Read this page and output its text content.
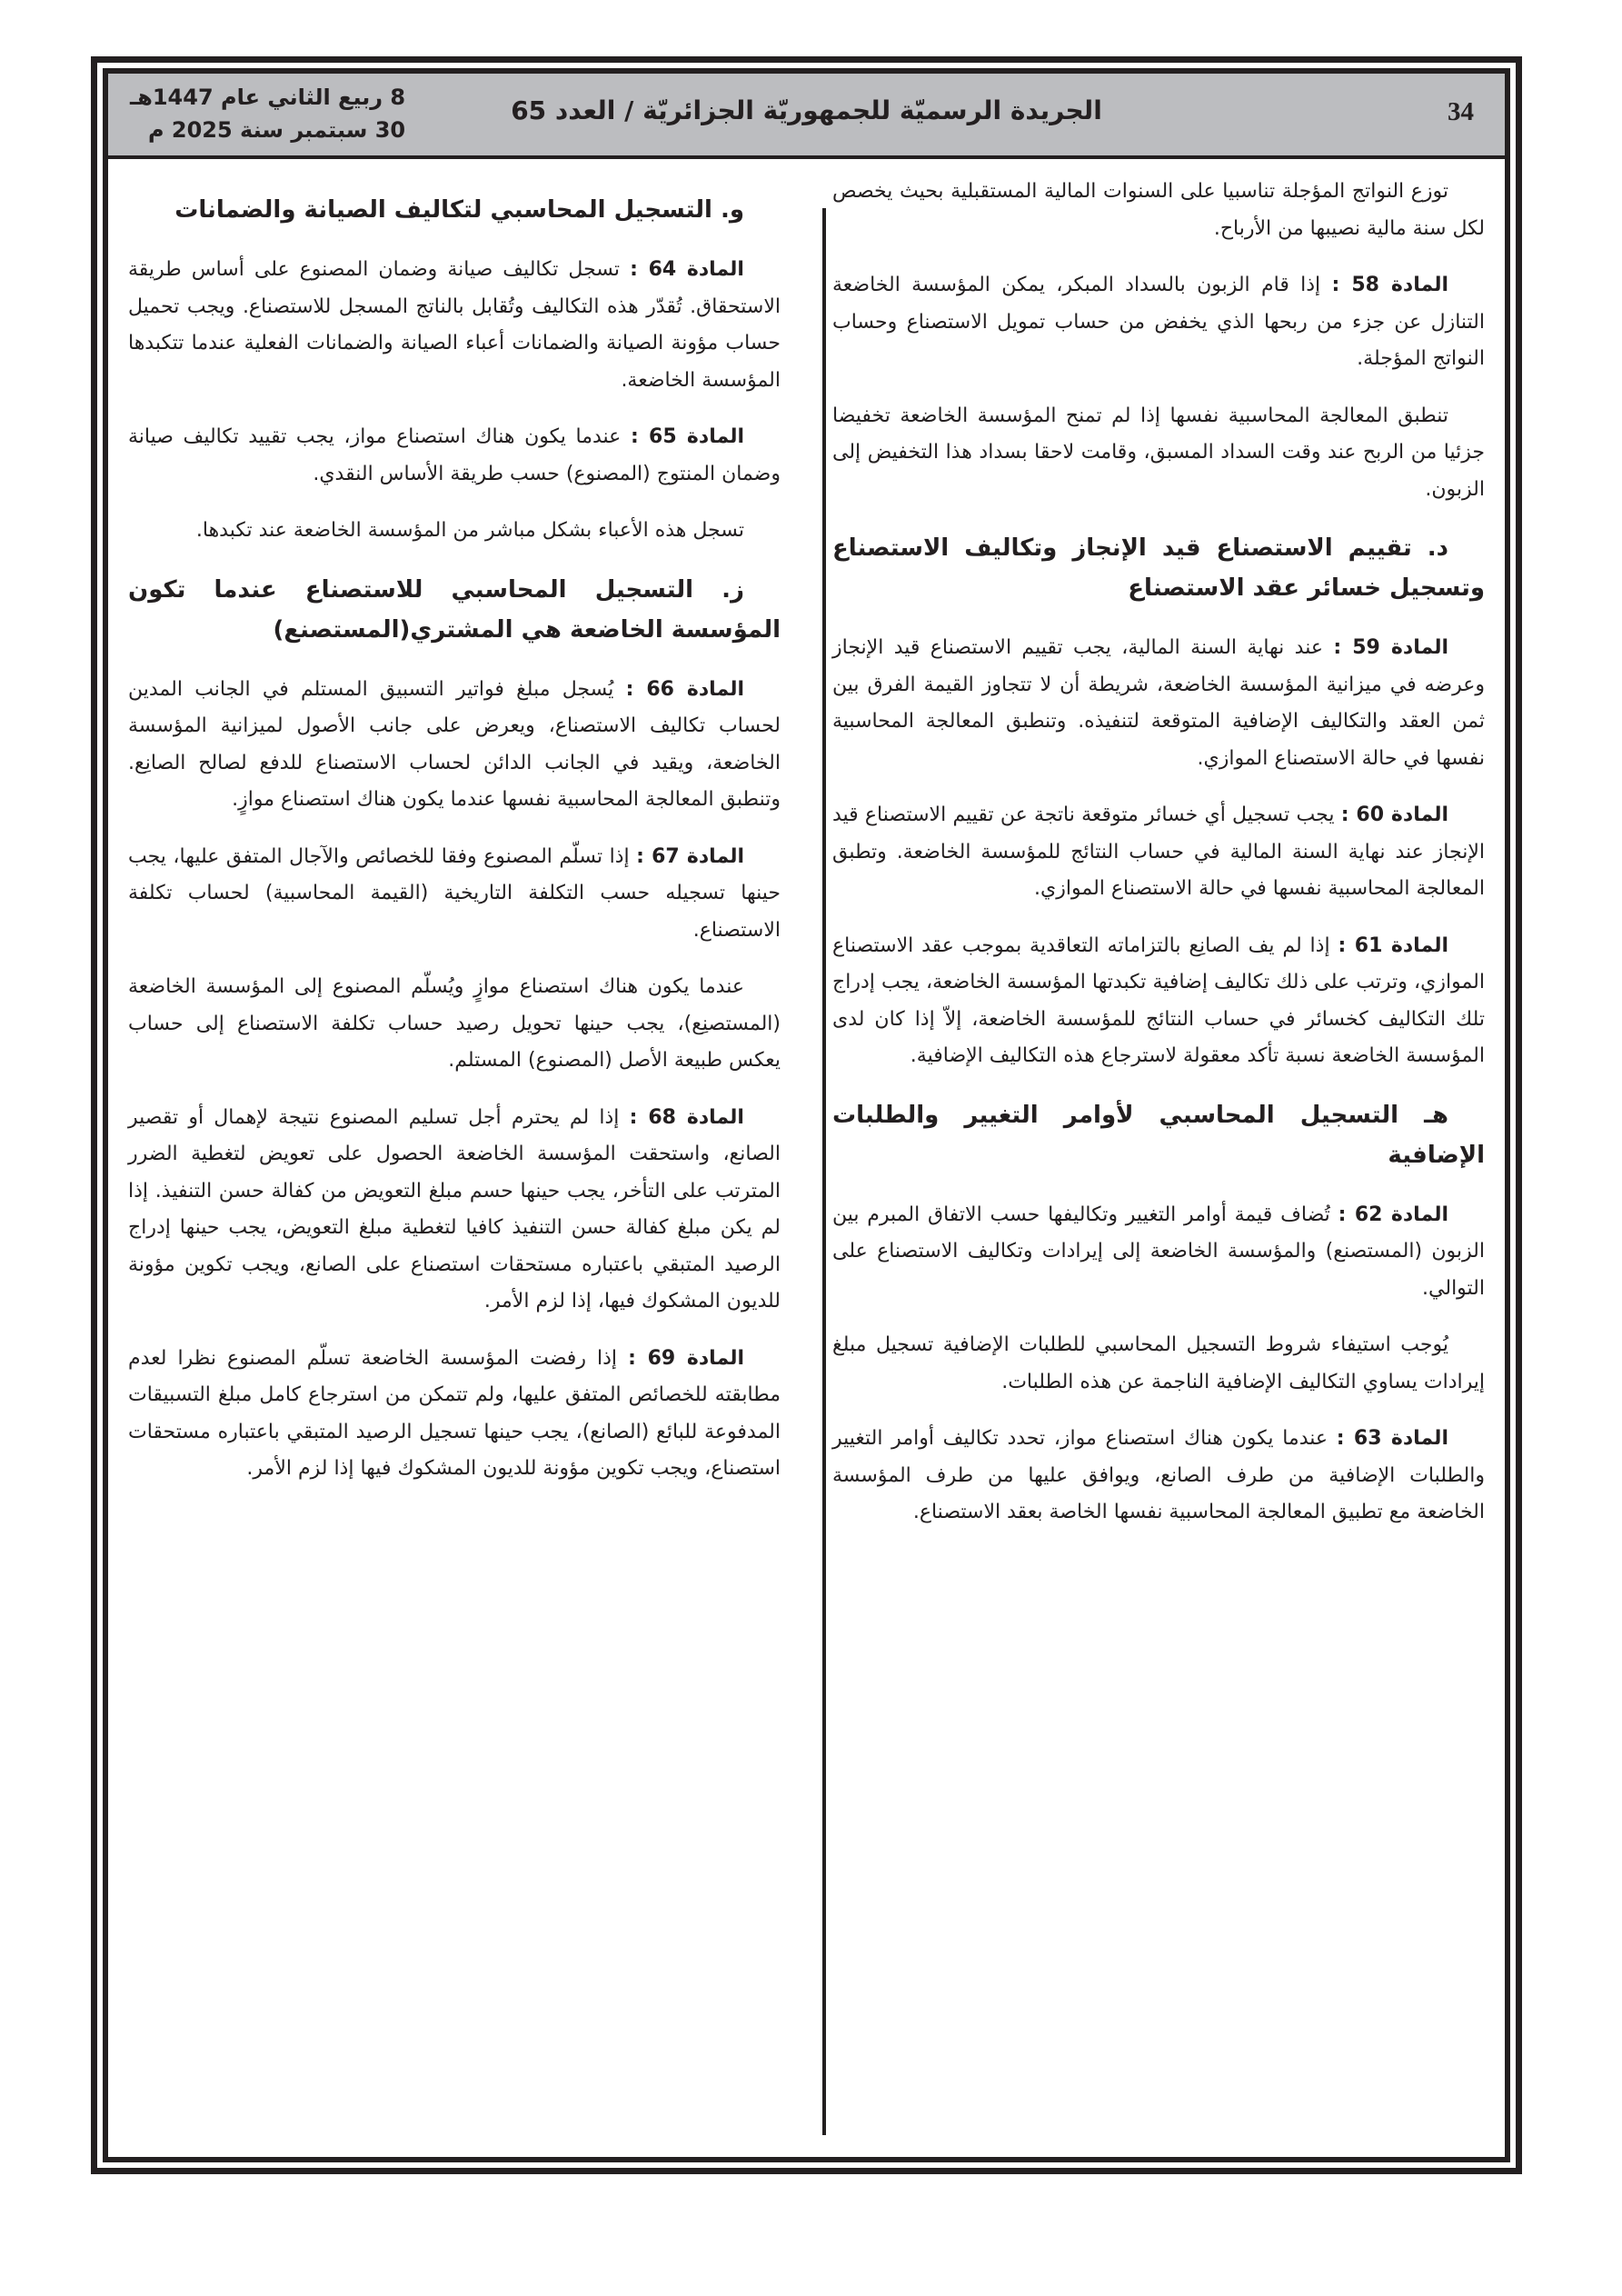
34
الجريدة الرسميّة للجمهوريّة الجزائريّة / العدد 65
8 ربيع الثاني عام 1447هـ
30 سبتمبر سنة 2025 م

توزع النواتج المؤجلة تناسبيا على السنوات المالية المستقبلية بحيث يخصص لكل سنة مالية نصيبها من الأرباح.

المادة 58 : إذا قام الزبون بالسداد المبكر، يمكن المؤسسة الخاضعة التنازل عن جزء من ربحها الذي يخفض من حساب تمويل الاستصناع وحساب النواتج المؤجلة.

تنطبق المعالجة المحاسبية نفسها إذا لم تمنح المؤسسة الخاضعة تخفيضا جزئيا من الربح عند وقت السداد المسبق، وقامت لاحقا بسداد هذا التخفيض إلى الزبون.

د. تقييم الاستصناع قيد الإنجاز وتكاليف الاستصناع وتسجيل خسائر عقد الاستصناع

المادة 59 : عند نهاية السنة المالية، يجب تقييم الاستصناع قيد الإنجاز وعرضه في ميزانية المؤسسة الخاضعة، شريطة أن لا تتجاوز القيمة الفرق بين ثمن العقد والتكاليف الإضافية المتوقعة لتنفيذه. وتنطبق المعالجة المحاسبية نفسها في حالة الاستصناع الموازي.

المادة 60 : يجب تسجيل أي خسائر متوقعة ناتجة عن تقييم الاستصناع قيد الإنجاز عند نهاية السنة المالية في حساب النتائج للمؤسسة الخاضعة. وتطبق المعالجة المحاسبية نفسها في حالة الاستصناع الموازي.

المادة 61 : إذا لم يف الصانِع بالتزاماته التعاقدية بموجب عقد الاستصناع الموازي، وترتب على ذلك تكاليف إضافية تكبدتها المؤسسة الخاضعة، يجب إدراج تلك التكاليف كخسائر في حساب النتائج للمؤسسة الخاضعة، إلاّ إذا كان لدى المؤسسة الخاضعة نسبة تأكد معقولة لاسترجاع هذه التكاليف الإضافية.

هـ التسجيل المحاسبي لأوامر التغيير والطلبات الإضافية

المادة 62 : تُضاف قيمة أوامر التغيير وتكاليفها حسب الاتفاق المبرم بين الزبون (المستصنع) والمؤسسة الخاضعة إلى إيرادات وتكاليف الاستصناع على التوالي.

يُوجب استيفاء شروط التسجيل المحاسبي للطلبات الإضافية تسجيل مبلغ إيرادات يساوي التكاليف الإضافية الناجمة عن هذه الطلبات.

المادة 63 : عندما يكون هناك استصناع مواز، تحدد تكاليف أوامر التغيير والطلبات الإضافية من طرف الصانع، ويوافق عليها من طرف المؤسسة الخاضعة مع تطبيق المعالجة المحاسبية نفسها الخاصة بعقد الاستصناع.

و. التسجيل المحاسبي لتكاليف الصيانة والضمانات

المادة 64 : تسجل تكاليف صيانة وضمان المصنوع على أساس طريقة الاستحقاق. تُقدّر هذه التكاليف وتُقابل بالناتج المسجل للاستصناع. ويجب تحميل حساب مؤونة الصيانة والضمانات أعباء الصيانة والضمانات الفعلية عندما تتكبدها المؤسسة الخاضعة.

المادة 65 : عندما يكون هناك استصناع مواز، يجب تقييد تكاليف صيانة وضمان المنتوج (المصنوع) حسب طريقة الأساس النقدي.

تسجل هذه الأعباء بشكل مباشر من المؤسسة الخاضعة عند تكبدها.

ز. التسجيل المحاسبي للاستصناع عندما تكون المؤسسة الخاضعة هي المشتري(المستصنع)

المادة 66 : يُسجل مبلغ فواتير التسبيق المستلم في الجانب المدين لحساب تكاليف الاستصناع، ويعرض على جانب الأصول لميزانية المؤسسة الخاضعة، ويقيد في الجانب الدائن لحساب الاستصناع للدفع لصالح الصانِع. وتنطبق المعالجة المحاسبية نفسها عندما يكون هناك استصناع موازٍ.

المادة 67 : إذا تسلّم المصنوع وفقا للخصائص والآجال المتفق عليها، يجب حينها تسجيله حسب التكلفة التاريخية (القيمة المحاسبية) لحساب تكلفة الاستصناع.

عندما يكون هناك استصناع موازٍ ويُسلّم المصنوع إلى المؤسسة الخاضعة (المستصنِع)، يجب حينها تحويل رصيد حساب تكلفة الاستصناع إلى حساب يعكس طبيعة الأصل (المصنوع) المستلم.

المادة 68 : إذا لم يحترم أجل تسليم المصنوع نتيجة لإهمال أو تقصير الصانع، واستحقت المؤسسة الخاضعة الحصول على تعويض لتغطية الضرر المترتب على التأخر، يجب حينها حسم مبلغ التعويض من كفالة حسن التنفيذ. إذا لم يكن مبلغ كفالة حسن التنفيذ كافيا لتغطية مبلغ التعويض، يجب حينها إدراج الرصيد المتبقي باعتباره مستحقات استصناع على الصانع، ويجب تكوين مؤونة للديون المشكوك فيها، إذا لزم الأمر.

المادة 69 : إذا رفضت المؤسسة الخاضعة تسلّم المصنوع نظرا لعدم مطابقته للخصائص المتفق عليها، ولم تتمكن من استرجاع كامل مبلغ التسبيقات المدفوعة للبائع (الصانع)، يجب حينها تسجيل الرصيد المتبقي باعتباره مستحقات استصناع، ويجب تكوين مؤونة للديون المشكوك فيها إذا لزم الأمر.
